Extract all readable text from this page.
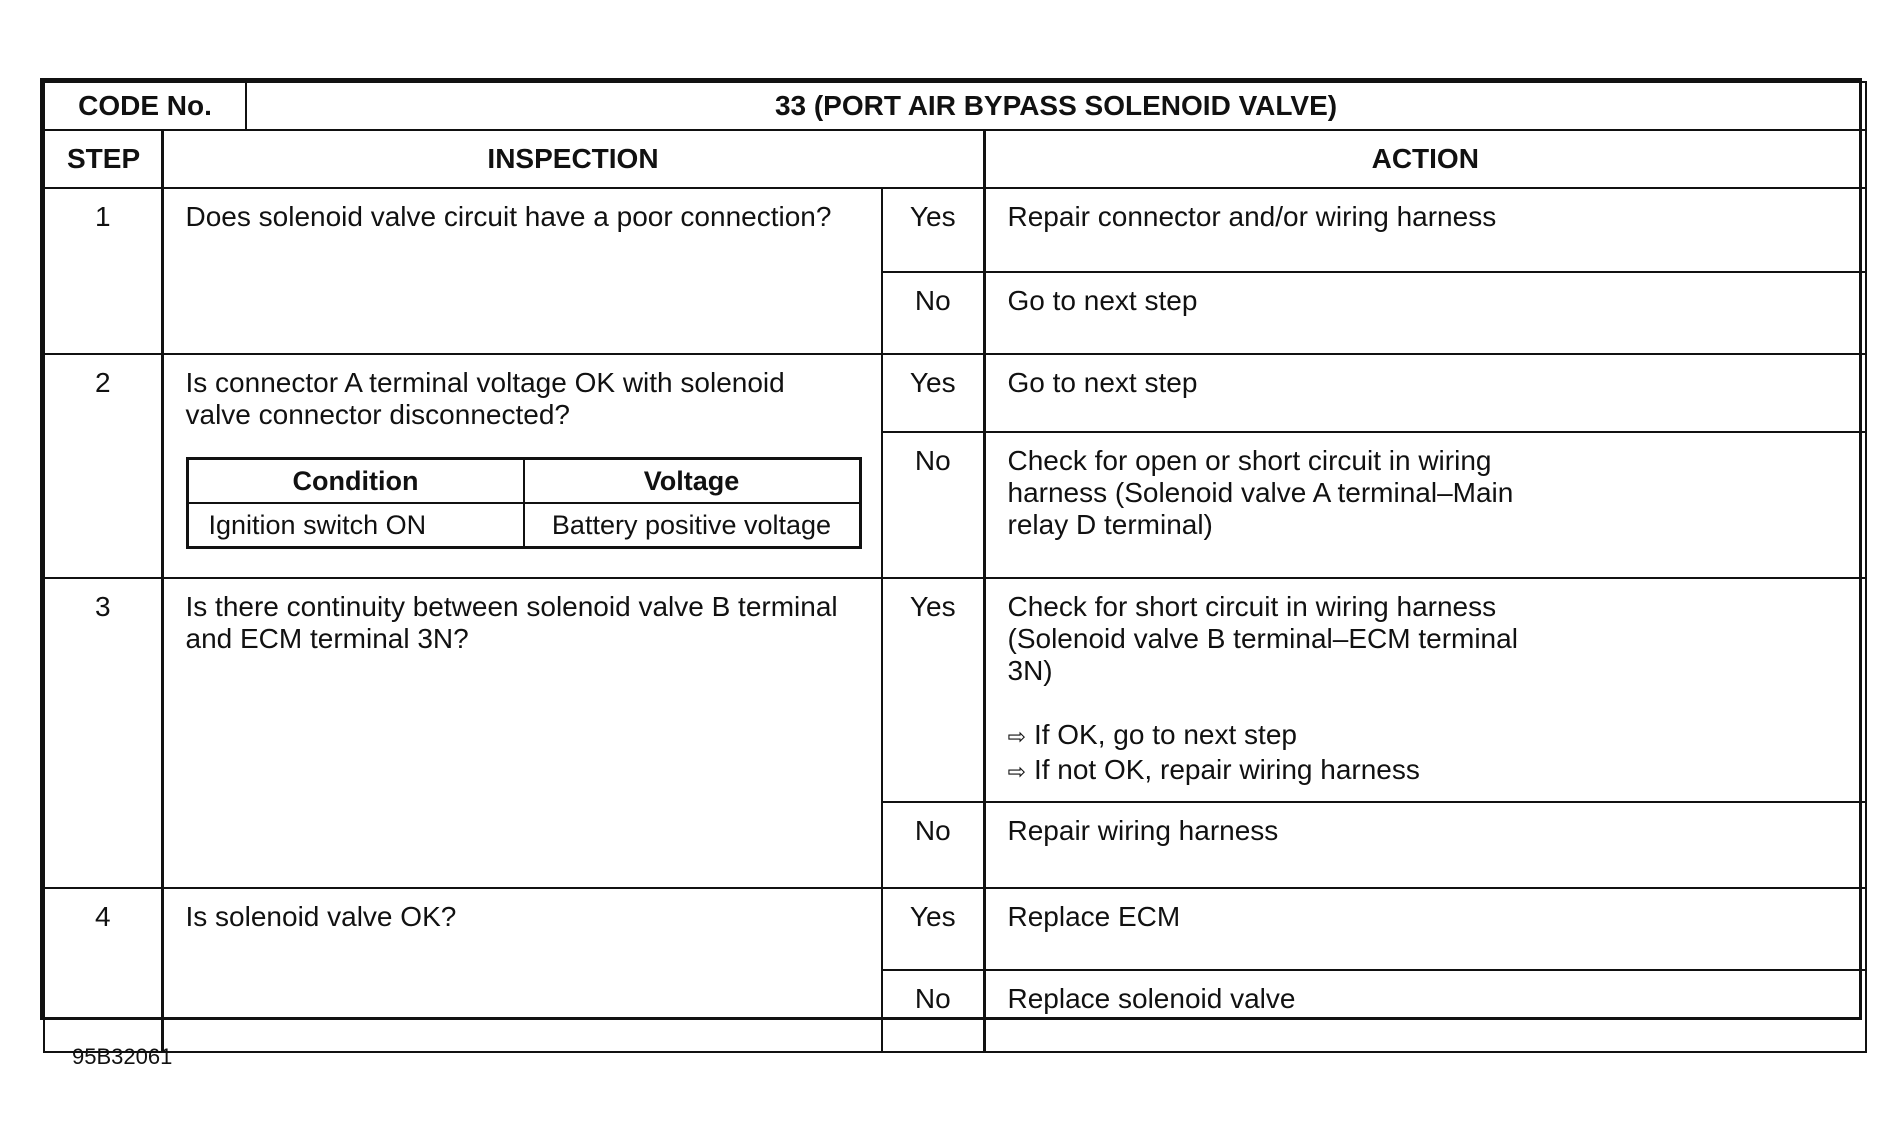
CODE No.	33 (PORT AIR BYPASS SOLENOID VALVE)

STEP	INSPECTION	ACTION
1	Does solenoid valve circuit have a poor connection?	Yes	Repair connector and/or wiring harness

No	Go to next step

2	Is connector A terminal voltage OK with solenoid
valve connector disconnected?
Condition	Voltage
Ignition switch ON	Battery positive voltage
	Yes	Go to next step

No	Check for open or short circuit in wiring
harness (Solenoid valve A terminal–Main
relay D terminal)

3	Is there continuity between solenoid valve B terminal
and ECM terminal 3N?
	Yes	Check for short circuit in wiring harness
(Solenoid valve B terminal–ECM terminal
3N)
⇨ If OK, go to next step
⇨ If not OK, repair wiring harness

No	Repair wiring harness

4	Is solenoid valve OK?	Yes	Replace ECM

No	Replace solenoid valve
95B32061
